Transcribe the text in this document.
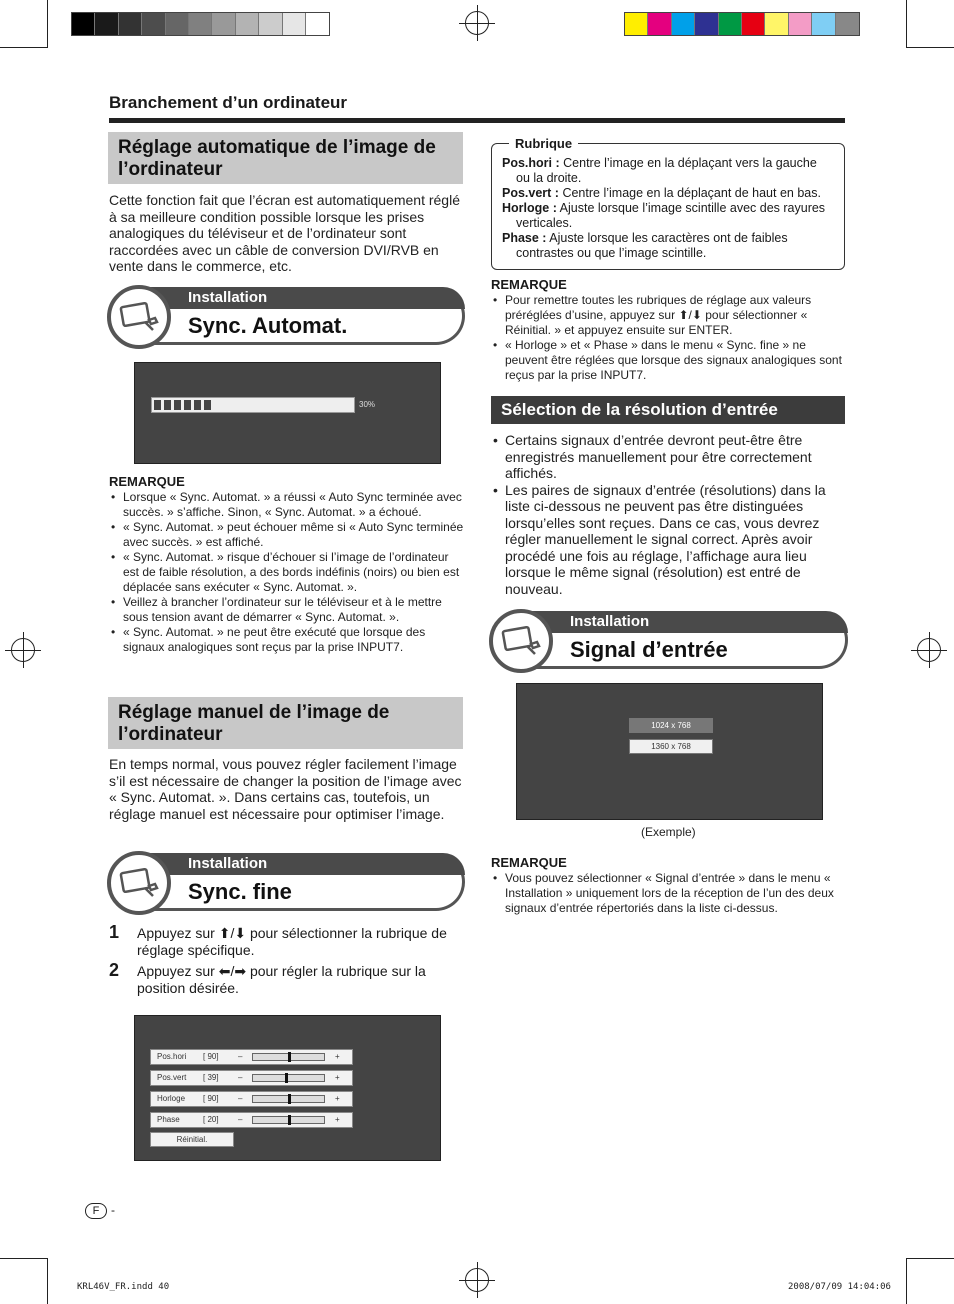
Branchement d’un ordinateur
Réglage automatique de l’image de l’ordinateur
Cette fonction fait que l’écran est automatiquement réglé à sa meilleure condition possible lorsque les prises analogiques du téléviseur et de l’ordinateur sont raccordées avec un câble de conversion DVI/RVB en vente dans le commerce, etc.
Installation
Sync. Automat.
30%
REMARQUE
• Lorsque « Sync. Automat. » a réussi « Auto Sync terminée avec succès. » s’affiche. Sinon, « Sync. Automat. » a échoué.
• « Sync. Automat. » peut échouer même si « Auto Sync terminée avec succès. » est affiché.
• « Sync. Automat. » risque d’échouer si l’image de l’ordinateur est de faible résolution, a des bords indéfinis (noirs) ou bien est déplacée sans exécuter « Sync. Automat. ».
• Veillez à brancher l’ordinateur sur le téléviseur et à le mettre sous tension avant de démarrer « Sync. Automat. ».
• « Sync. Automat. » ne peut être exécuté que lorsque des signaux analogiques sont reçus par la prise INPUT7.
Réglage manuel de l’image de l’ordinateur
En temps normal, vous pouvez régler facilement l’image s’il est nécessaire de changer la position de l’image avec « Sync. Automat. ». Dans certains cas, toutefois, un réglage manuel est nécessaire pour optimiser l’image.
Installation
Sync. fine
1 Appuyez sur ⬆/⬇ pour sélectionner la rubrique de réglage spécifique.
2 Appuyez sur ⬅/➡ pour régler la rubrique sur la position désirée.
Pos.hori [ 90] –	+
Pos.vert [ 39] –	+
Horloge [ 90] –	+
Phase	[ 20] –	+
Réinitial.
Pos.hori : Centre l’image en la déplaçant vers la gauche ou la droite.
Pos.vert : Centre l’image en la déplaçant de haut en bas.
Horloge : Ajuste lorsque l’image scintille avec des rayures verticales.
Phase : Ajuste lorsque les caractères ont de faibles contrastes ou que l’image scintille.
Rubrique
REMARQUE
• Pour remettre toutes les rubriques de réglage aux valeurs préréglées d’usine, appuyez sur ⬆/⬇ pour sélectionner « Réinitial. » et appuyez ensuite sur ENTER.
• « Horloge » et « Phase » dans le menu « Sync. fine » ne peuvent être réglées que lorsque des signaux analogiques sont reçus par la prise INPUT7.
Sélection de la résolution d’entrée
• Certains signaux d’entrée devront peut-être être enregistrés manuellement pour être correctement affichés.
• Les paires de signaux d’entrée (résolutions) dans la liste ci-dessous ne peuvent pas être distinguées lorsqu’elles sont reçues. Dans ce cas, vous devrez régler manuellement le signal correct. Après avoir procédé une fois au réglage, l’affichage aura lieu lorsque le même signal (résolution) est entré de nouveau.
Installation
Signal d’entrée
1024 x 768
1360 x 768
(Exemple)
REMARQUE
• Vous pouvez sélectionner « Signal d’entrée » dans le menu « Installation » uniquement lors de la réception de l’un des deux signaux d’entrée répertoriés dans la liste ci-dessus.
F -
KRL46V_FR.indd 40	2008/07/09 14:04:06
